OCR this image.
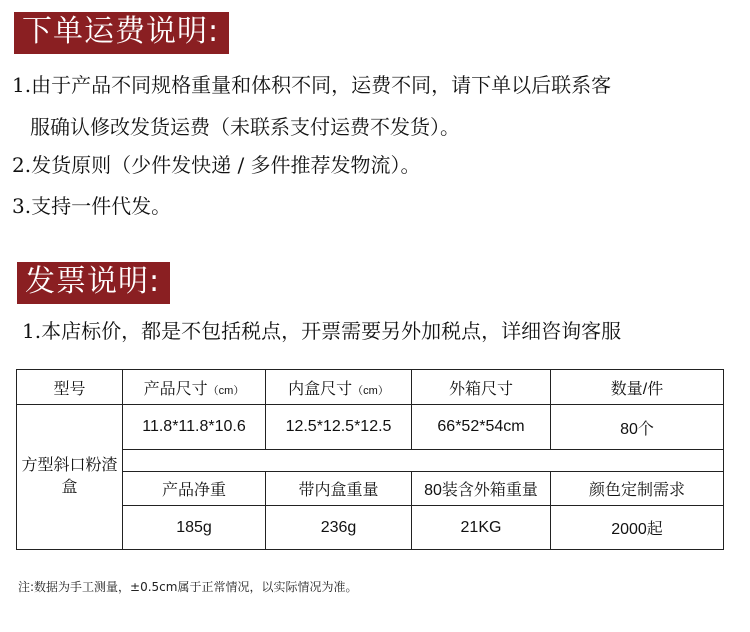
下单运费说明:
1.由于产品不同规格重量和体积不同，运费不同，请下单以后联系客
服确认修改发货运费（未联系支付运费不发货）。
2.发货原则（少件发快递 / 多件推荐发物流）。
3.支持一件代发。
发票说明:
1.本店标价，都是不包括税点，开票需要另外加税点，详细咨询客服
型号	产品尺寸（cm）	内盒尺寸（cm）	外箱尺寸	数量/件
方型斜口粉渣盒	11.8*11.8*10.6	12.5*12.5*12.5	66*52*54cm	80个

	产品净重	带内盒重量	80装含外箱重量	颜色定制需求
	185g	236g	21KG	2000起
注:数据为手工测量，±0.5cm属于正常情况，以实际情况为准。
